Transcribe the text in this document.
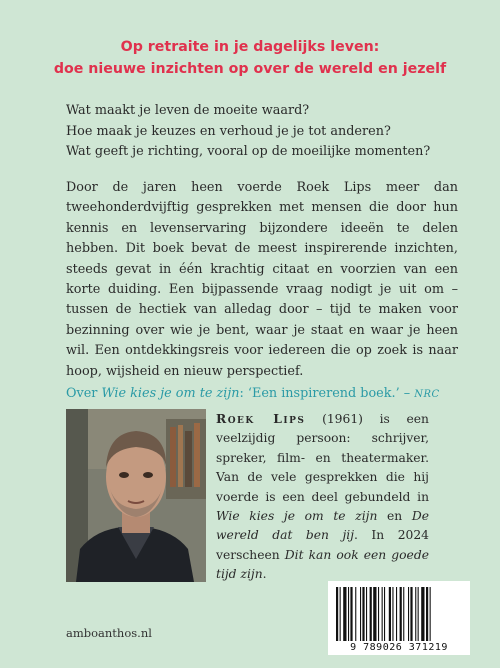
Op retraite in je dagelijks leven:
doe nieuwe inzichten op over de wereld en jezelf
Wat maakt je leven de moeite waard?
Hoe maak je keuzes en verhoud je je tot anderen?
Wat geeft je richting, vooral op de moeilijke momenten?

Door de jaren heen voerde Roek Lips meer dan tweehonderdvijftig gesprekken met mensen die door hun kennis en levenservaring bijzondere ideeën te delen hebben. Dit boek bevat de meest inspirerende inzichten, steeds gevat in één krachtig citaat en voorzien van een korte duiding. Een bijpassende vraag nodigt je uit om – tussen de hectiek van alledag door – tijd te maken voor bezinning over wie je bent, waar je staat en waar je heen wil. Een ontdekkingsreis voor iedereen die op zoek is naar hoop, wijsheid en nieuw perspectief.

Over Wie kies je om te zijn: ‘Een inspirerend boek.’ – NRC
Roek Lips (1961) is een veelzijdig persoon: schrijver, spreker, film- en theatermaker. Van de vele gesprekken die hij voerde is een deel gebundeld in Wie kies je om te zijn en De wereld dat ben jij. In 2024 verscheen Dit kan ook een goede tijd zijn.
amboanthos.nl
9 789026 371219
